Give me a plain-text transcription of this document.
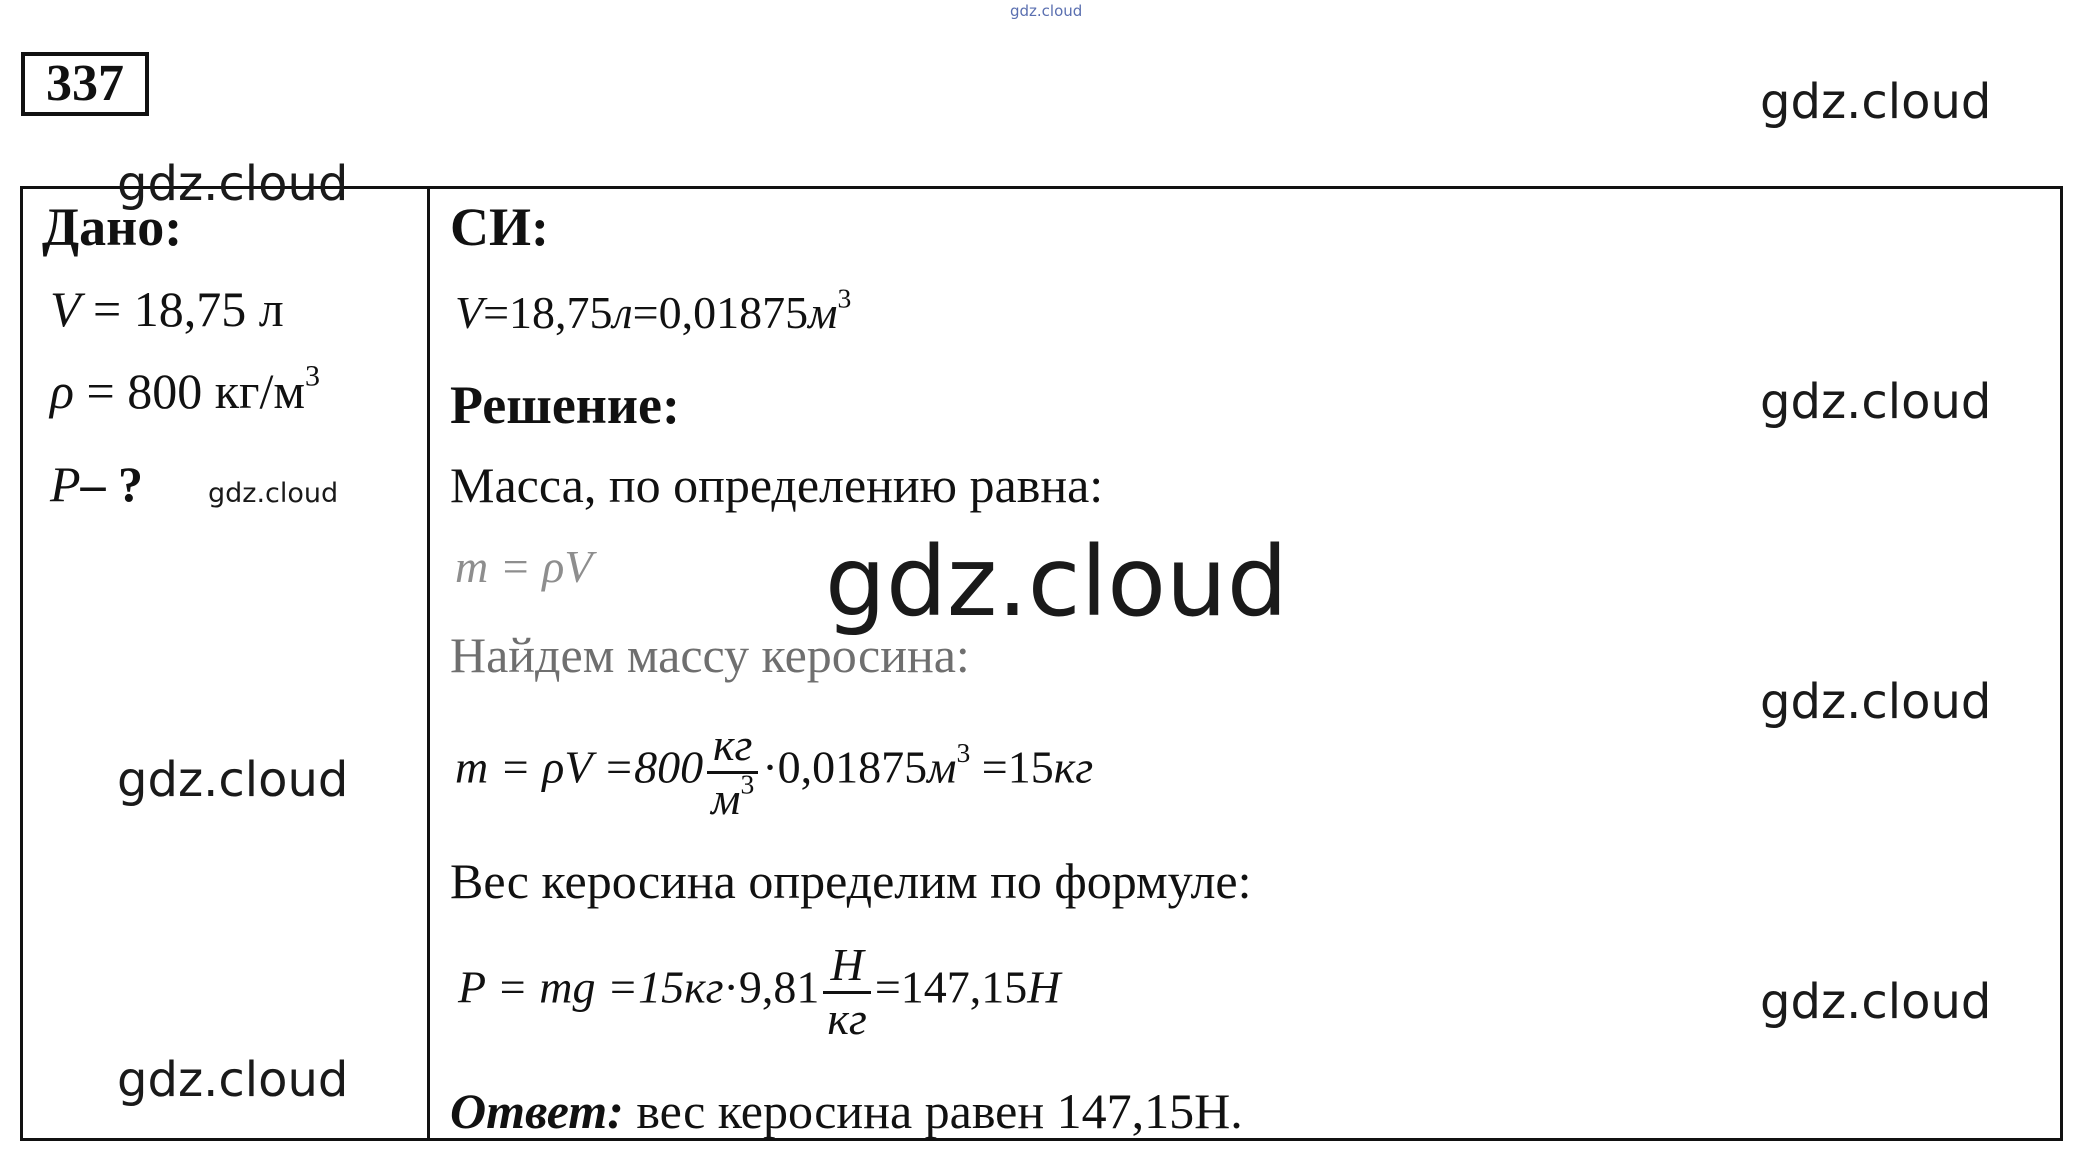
gdz.cloud
337
Дано:
V = 18,75 л
ρ = 800 $кг/м^3$
P– ?
СИ:
$V=18,75л=0,01875м^3$
Решение:
Масса, по определению равна:
m = ρV
Найдем массу керосина:
$m = \rho V =800 \frac{кг}{м^3} \cdot 0,01875м^3 =15кг$
Вес керосина определим по формуле:
P = mg $=15кг\cdot 9,81 \frac{Н}{кг} =147,15Н$
Ответ: вес керосина равен 147,15Н.
gdz.cloud
gdz.cloud
gdz.cloud
gdz.cloud
gdz.cloud
gdz.cloud
gdz.cloud
gdz.cloud
gdz.cloud
